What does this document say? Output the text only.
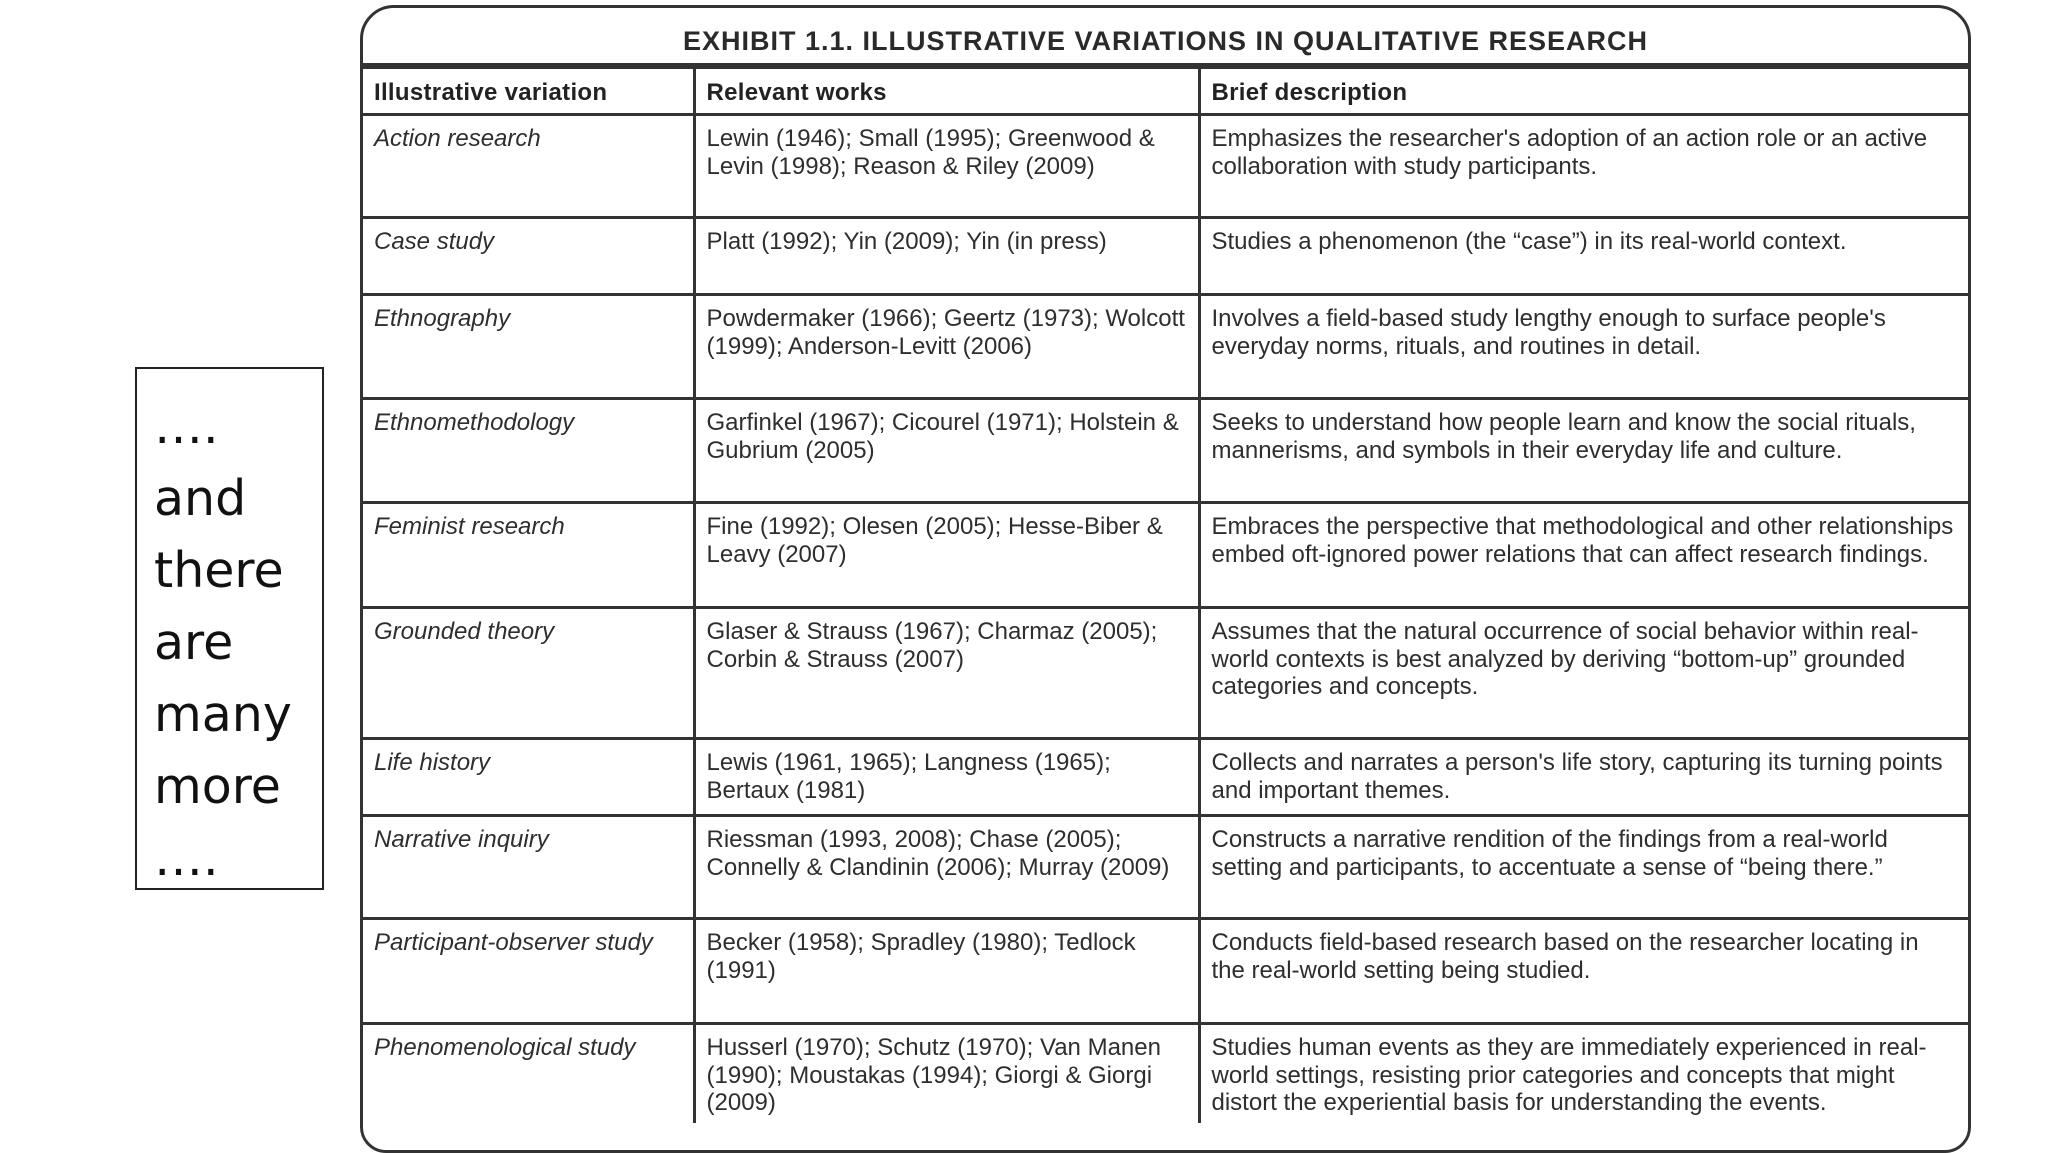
….
and
there
are
many
more
….
EXHIBIT 1.1. ILLUSTRATIVE VARIATIONS IN QUALITATIVE RESEARCH
Illustrative variation	Relevant works	Brief description
Action research	Lewin (1946); Small (1995); Greenwood & Levin (1998); Reason & Riley (2009)	Emphasizes the researcher's adoption of an action role or an active collaboration with study participants.
Case study	Platt (1992); Yin (2009); Yin (in press)	Studies a phenomenon (the “case”) in its real-world context.
Ethnography	Powdermaker (1966); Geertz (1973); Wolcott (1999); Anderson-Levitt (2006)	Involves a field-based study lengthy enough to surface people's everyday norms, rituals, and routines in detail.
Ethnomethodology	Garfinkel (1967); Cicourel (1971); Holstein & Gubrium (2005)	Seeks to understand how people learn and know the social rituals, mannerisms, and symbols in their everyday life and culture.
Feminist research	Fine (1992); Olesen (2005); Hesse-Biber & Leavy (2007)	Embraces the perspective that methodological and other relationships embed oft-ignored power relations that can affect research findings.
Grounded theory	Glaser & Strauss (1967); Charmaz (2005); Corbin & Strauss (2007)	Assumes that the natural occurrence of social behavior within real-world contexts is best analyzed by deriving “bottom-up” grounded categories and concepts.
Life history	Lewis (1961, 1965); Langness (1965); Bertaux (1981)	Collects and narrates a person's life story, capturing its turning points and important themes.
Narrative inquiry	Riessman (1993, 2008); Chase (2005); Connelly & Clandinin (2006); Murray (2009)	Constructs a narrative rendition of the findings from a real-world setting and participants, to accentuate a sense of “being there.”
Participant-observer study	Becker (1958); Spradley (1980); Tedlock (1991)	Conducts field-based research based on the researcher locating in the real-world setting being studied.
Phenomenological study	Husserl (1970); Schutz (1970); Van Manen (1990); Moustakas (1994); Giorgi & Giorgi (2009)	Studies human events as they are immediately experienced in real-world settings, resisting prior categories and concepts that might distort the experiential basis for understanding the events.
